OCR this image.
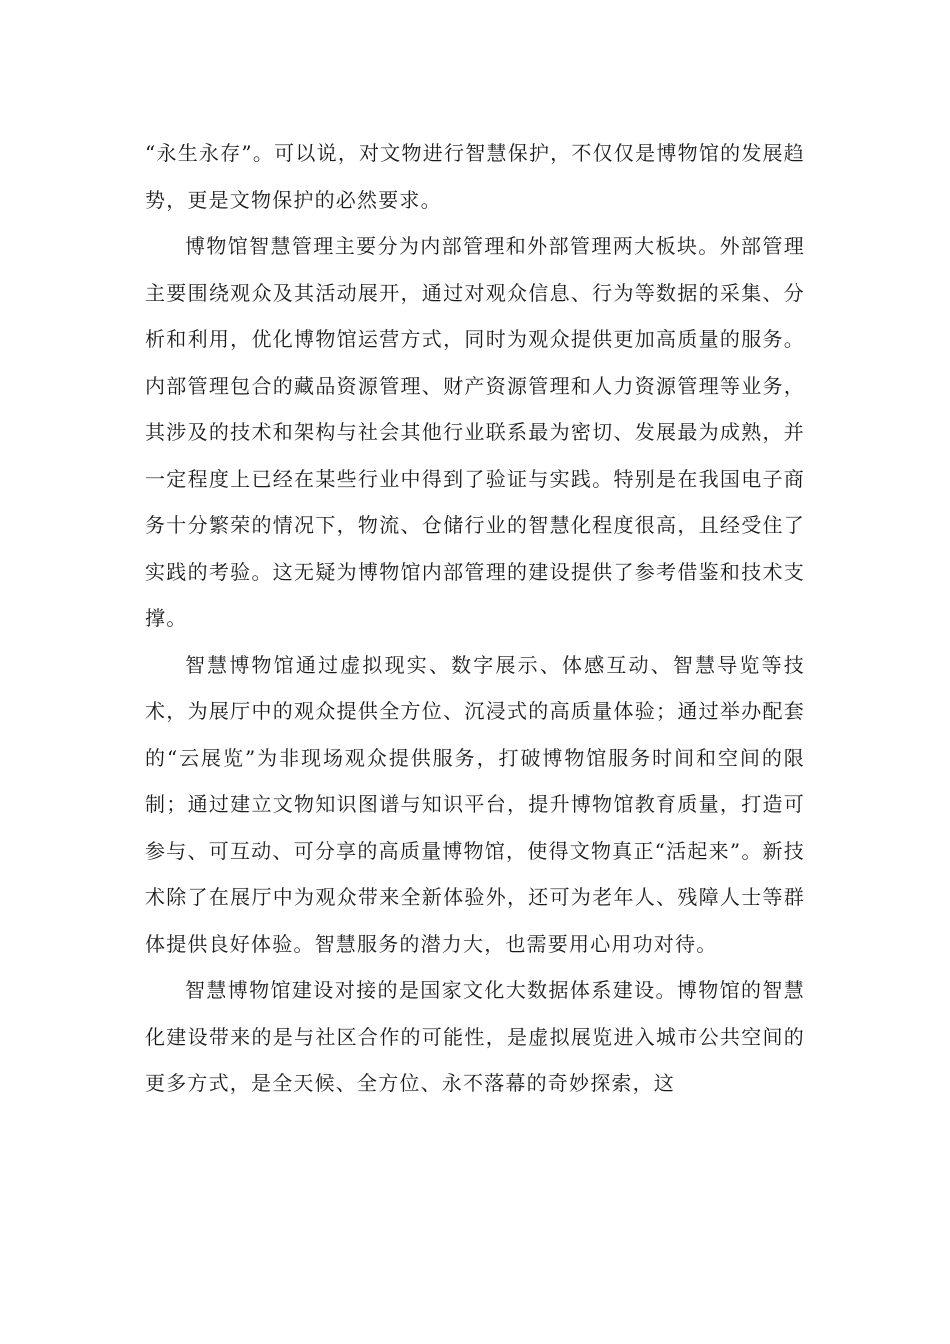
“永生永存”。可以说，对文物进行智慧保护，不仅仅是博物馆的发展趋势，更是文物保护的必然要求。

博物馆智慧管理主要分为内部管理和外部管理两大板块。外部管理主要围绕观众及其活动展开，通过对观众信息、行为等数据的采集、分析和利用，优化博物馆运营方式，同时为观众提供更加高质量的服务。内部管理包合的藏品资源管理、财产资源管理和人力资源管理等业务，其涉及的技术和架构与社会其他行业联系最为密切、发展最为成熟，并一定程度上已经在某些行业中得到了验证与实践。特别是在我国电子商务十分繁荣的情况下，物流、仓储行业的智慧化程度很高，且经受住了实践的考验。这无疑为博物馆内部管理的建设提供了参考借鉴和技术支撑。

智慧博物馆通过虚拟现实、数字展示、体感互动、智慧导览等技术，为展厅中的观众提供全方位、沉浸式的高质量体验；通过举办配套的“云展览”为非现场观众提供服务，打破博物馆服务时间和空间的限制；通过建立文物知识图谱与知识平台，提升博物馆教育质量，打造可参与、可互动、可分享的高质量博物馆，使得文物真正“活起来”。新技术除了在展厅中为观众带来全新体验外，还可为老年人、残障人士等群体提供良好体验。智慧服务的潜力大，也需要用心用功对待。

智慧博物馆建设对接的是国家文化大数据体系建设。博物馆的智慧化建设带来的是与社区合作的可能性，是虚拟展览进入城市公共空间的更多方式，是全天候、全方位、永不落幕的奇妙探索，这
